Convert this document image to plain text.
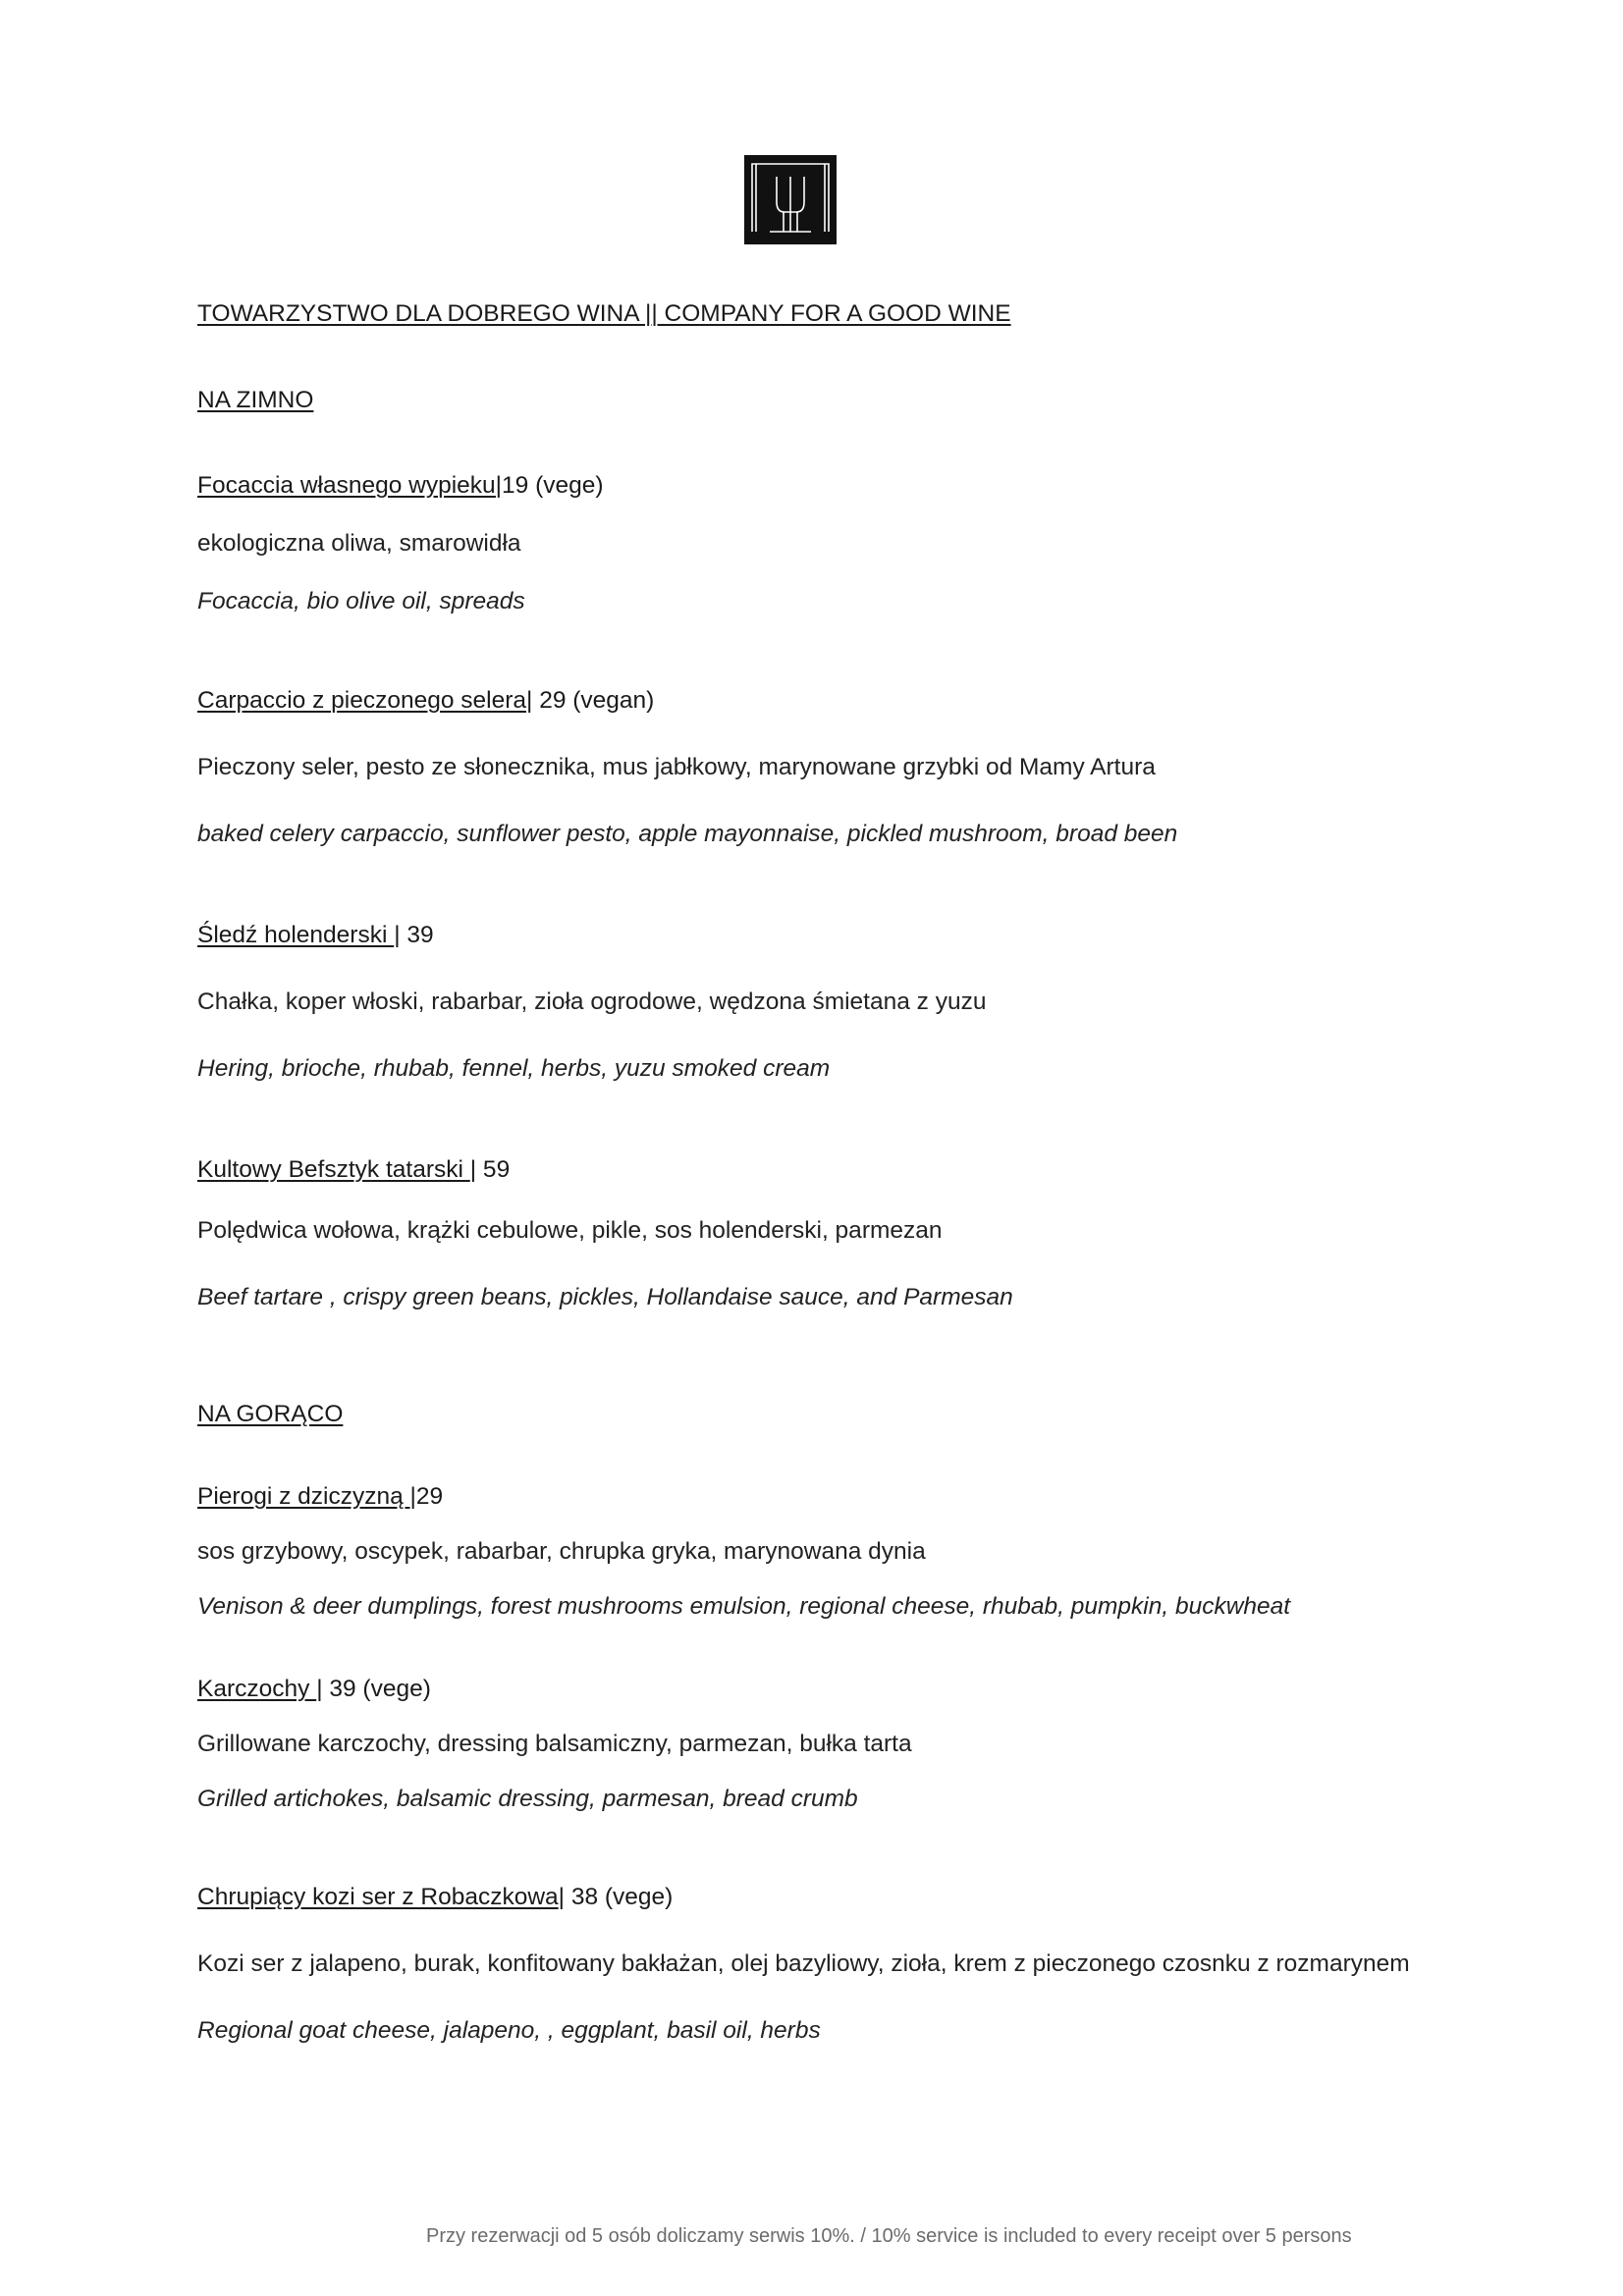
TOWARZYSTWO DLA DOBREGO WINA || COMPANY FOR A GOOD WINE
NA ZIMNO
Focaccia własnego wypieku|19 (vege)
ekologiczna oliwa, smarowidła
Focaccia, bio olive oil, spreads
Carpaccio z pieczonego selera| 29 (vegan)
Pieczony seler, pesto ze słonecznika, mus jabłkowy, marynowane grzybki od Mamy Artura
baked celery carpaccio, sunflower pesto, apple mayonnaise, pickled mushroom, broad been
Śledź holenderski | 39
Chałka, koper włoski, rabarbar, zioła ogrodowe, wędzona śmietana z yuzu
Hering, brioche, rhubab, fennel, herbs, yuzu smoked cream
Kultowy Befsztyk tatarski | 59
Polędwica wołowa, krążki cebulowe, pikle, sos holenderski, parmezan
Beef tartare , crispy green beans, pickles, Hollandaise sauce, and Parmesan
NA GORĄCO
Pierogi z dziczyzną |29
sos grzybowy, oscypek, rabarbar, chrupka gryka, marynowana dynia
Venison & deer dumplings, forest mushrooms emulsion, regional cheese, rhubab, pumpkin, buckwheat
Karczochy | 39 (vege)
Grillowane karczochy, dressing balsamiczny, parmezan, bułka tarta
Grilled artichokes, balsamic dressing, parmesan, bread crumb
Chrupiący kozi ser z Robaczkowa| 38 (vege)
Kozi ser z jalapeno, burak, konfitowany bakłażan, olej bazyliowy, zioła, krem z pieczonego czosnku z rozmarynem
Regional goat cheese, jalapeno, , eggplant, basil oil, herbs
Przy rezerwacji od 5 osób doliczamy serwis 10%. / 10% service is included to every receipt over 5 persons
